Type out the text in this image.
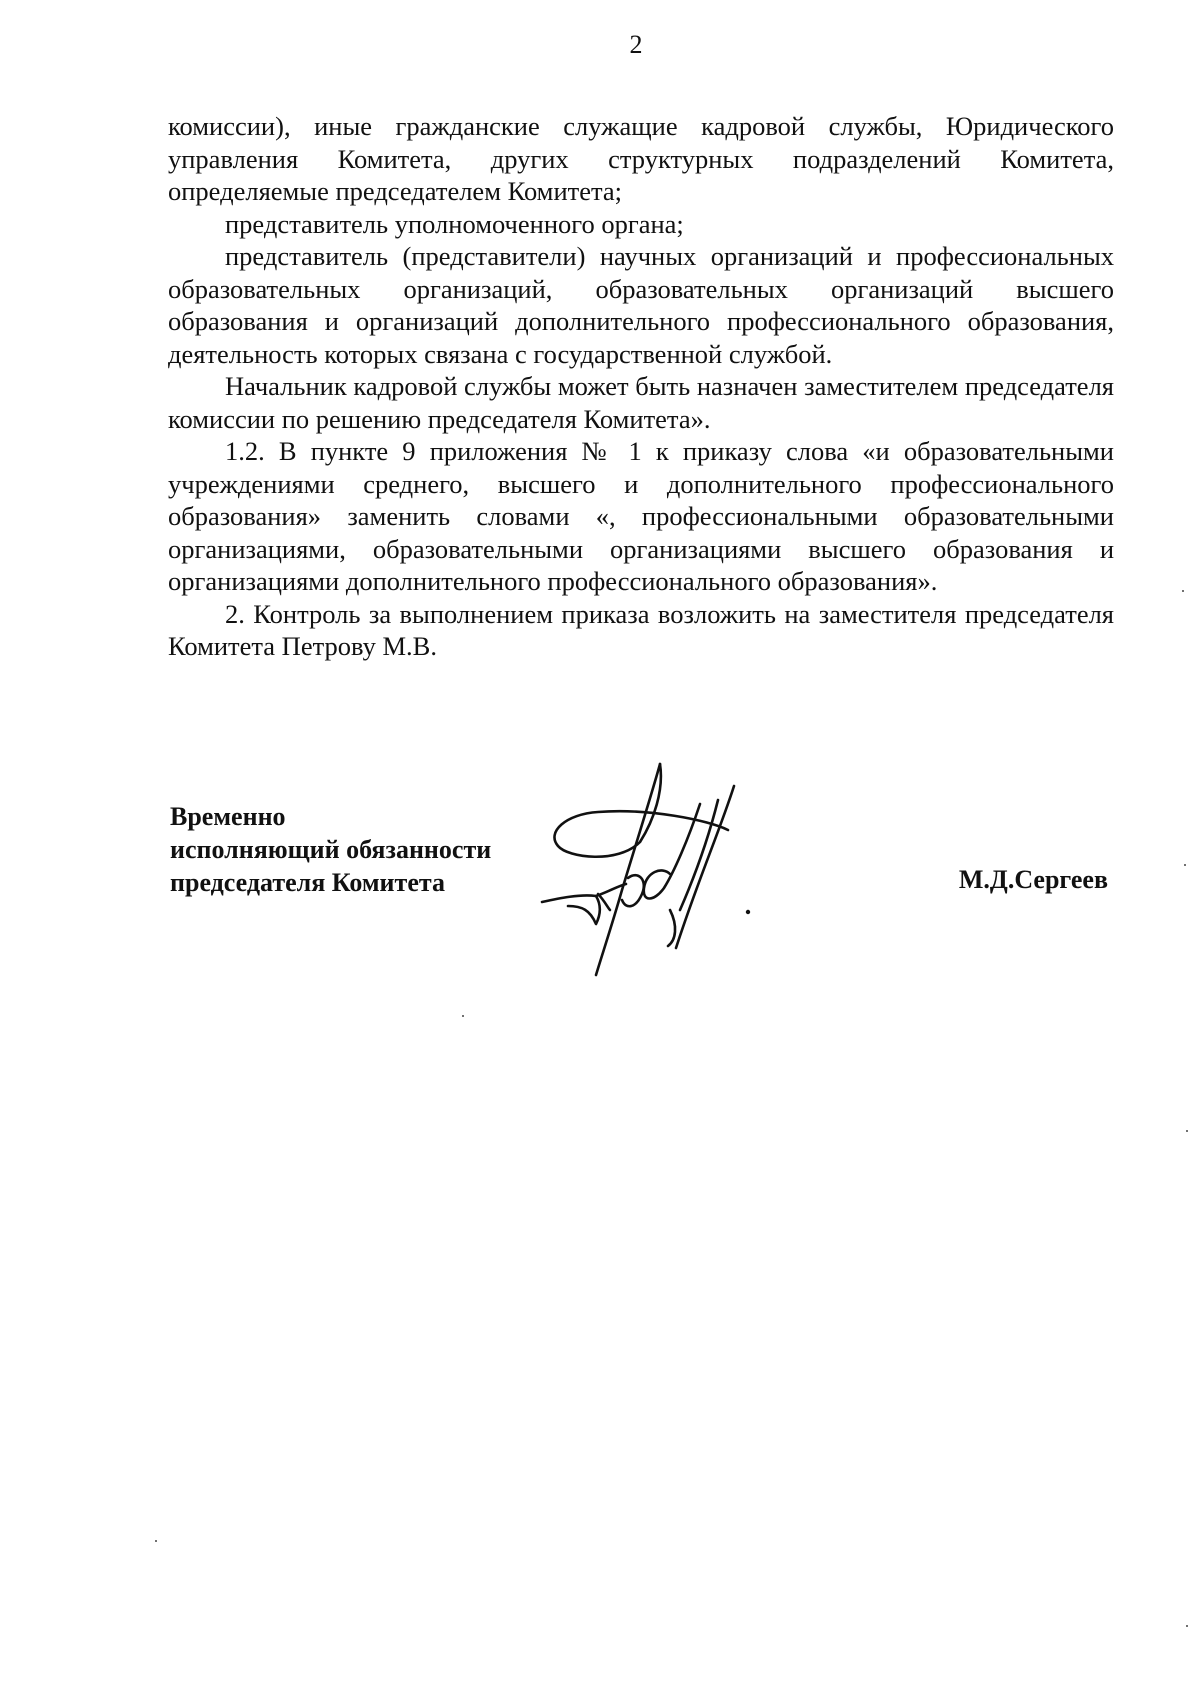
2

комиссии), иные гражданские служащие кадровой службы, Юридического управления Комитета, других структурных подразделений Комитета, определяемые председателем Комитета;

представитель уполномоченного органа;

представитель (представители) научных организаций и профессиональных образовательных организаций, образовательных организаций высшего образования и организаций дополнительного профессионального образования, деятельность которых связана с государственной службой.

Начальник кадровой службы может быть назначен заместителем председателя комиссии по решению председателя Комитета».

1.2. В пункте 9 приложения № 1 к приказу слова «и образовательными учреждениями среднего, высшего и дополнительного профессионального образования» заменить словами «, профессиональными образовательными организациями, образовательными организациями высшего образования и организациями дополнительного профессионального образования».

2. Контроль за выполнением приказа возложить на заместителя председателя Комитета Петрову М.В.

Временно
исполняющий обязанности
председателя Комитета	М.Д.Сергеев
